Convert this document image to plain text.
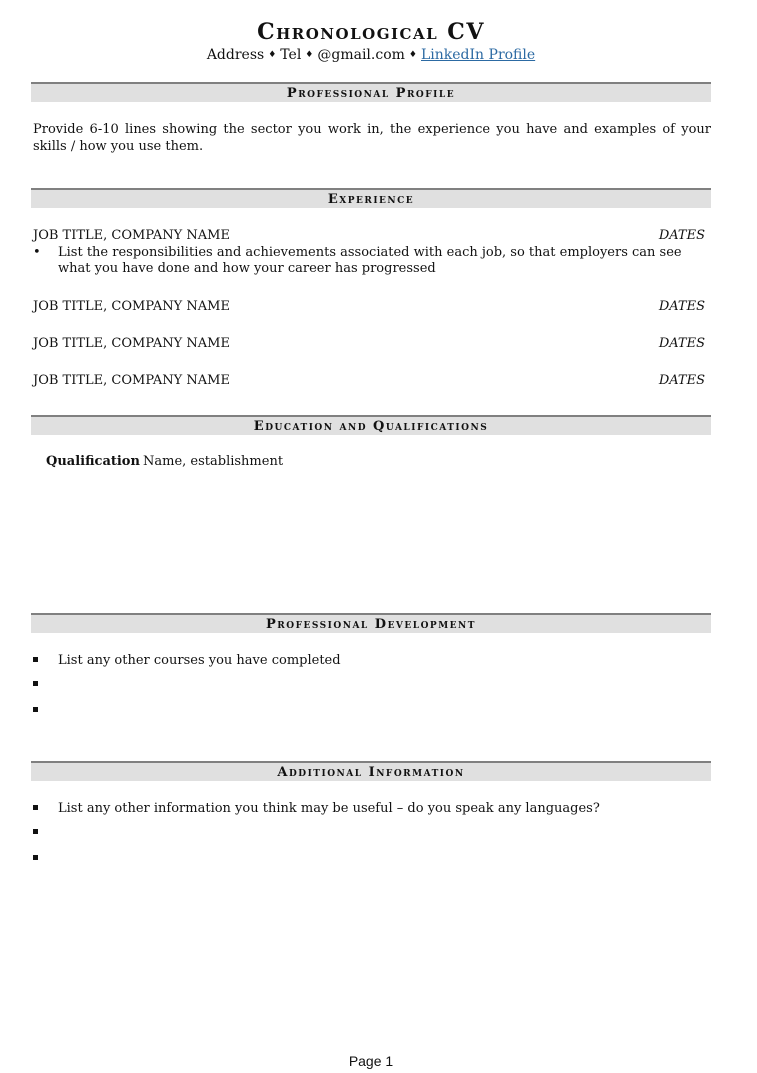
Chronological CV
Address ♦ Tel ♦ @gmail.com ♦ LinkedIn Profile
Professional Profile
Provide 6-10 lines showing the sector you work in, the experience you have and examples of your skills / how you use them.
Experience
JOB TITLE, COMPANY NAME	DATES
• List the responsibilities and achievements associated with each job, so that employers can see what you have done and how your career has progressed
JOB TITLE, COMPANY NAME	DATES
JOB TITLE, COMPANY NAME	DATES
JOB TITLE, COMPANY NAME	DATES
Education and Qualifications
Qualification Name, establishment
Professional Development
List any other courses you have completed
Additional Information
List any other information you think may be useful – do you speak any languages?
Page 1
